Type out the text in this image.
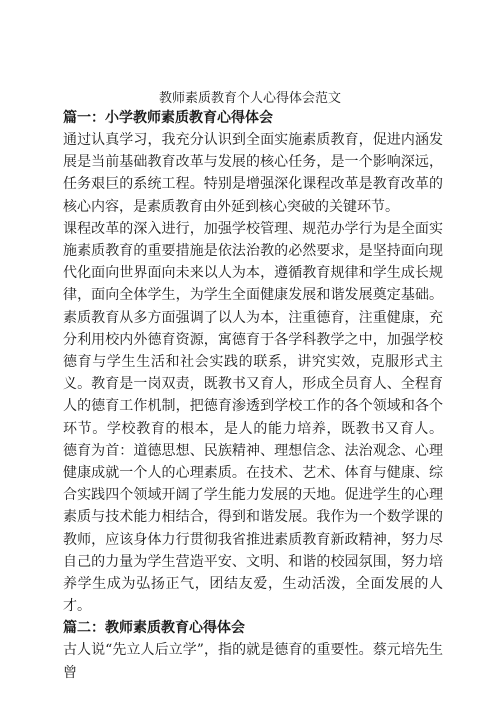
教师素质教育个人心得体会范文
篇一：小学教师素质教育心得体会

通过认真学习，我充分认识到全面实施素质教育，促进内涵发展是当前基础教育改革与发展的核心任务，是一个影响深远，任务艰巨的系统工程。特别是增强深化课程改革是教育改革的核心内容，是素质教育由外延到核心突破的关键环节。

课程改革的深入进行，加强学校管理、规范办学行为是全面实施素质教育的重要措施是依法治教的必然要求，是坚持面向现代化面向世界面向未来以人为本，遵循教育规律和学生成长规律，面向全体学生，为学生全面健康发展和谐发展奠定基础。素质教育从多方面强调了以人为本，注重德育，注重健康，充分利用校内外德育资源，寓德育于各学科教学之中，加强学校德育与学生生活和社会实践的联系，讲究实效，克服形式主义。教育是一岗双责，既教书又育人，形成全员育人、全程育人的德育工作机制，把德育渗透到学校工作的各个领域和各个环节。学校教育的根本，是人的能力培养，既教书又育人。 德育为首：道德思想、民族精神、理想信念、法治观念、心理健康成就一个人的心理素质。在技术、艺术、体育与健康、综合实践四个领域开阔了学生能力发展的天地。促进学生的心理素质与技术能力相结合，得到和谐发展。我作为一个数学课的教师，应该身体力行贯彻我省推进素质教育新政精神，努力尽自己的力量为学生营造平安、文明、和谐的校园氛围，努力培养学生成为弘扬正气，团结友爱，生动活泼，全面发展的人才。

篇二：教师素质教育心得体会

古人说“先立人后立学”，指的就是德育的重要性。蔡元培先生曾
